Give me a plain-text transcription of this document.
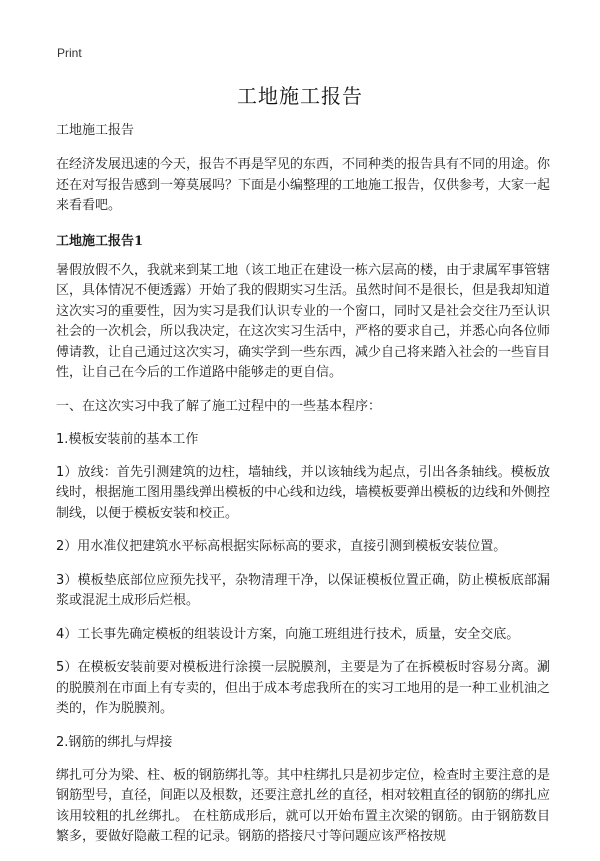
Print
工地施工报告

工地施工报告

在经济发展迅速的今天，报告不再是罕见的东西，不同种类的报告具有不同的用途。你还在对写报告感到一筹莫展吗？下面是小编整理的工地施工报告，仅供参考，大家一起来看看吧。

工地施工报告1

暑假放假不久，我就来到某工地（该工地正在建设一栋六层高的楼，由于隶属军事管辖区，具体情况不便透露）开始了我的假期实习生活。虽然时间不是很长，但是我却知道这次实习的重要性，因为实习是我们认识专业的一个窗口，同时又是社会交往乃至认识社会的一次机会，所以我决定，在这次实习生活中，严格的要求自己，并悉心向各位师傅请教，让自己通过这次实习，确实学到一些东西，减少自己将来踏入社会的一些盲目性，让自己在今后的工作道路中能够走的更自信。

一、在这次实习中我了解了施工过程中的一些基本程序：

1.模板安装前的基本工作

1）放线：首先引测建筑的边柱，墙轴线，并以该轴线为起点，引出各条轴线。模板放线时，根据施工图用墨线弹出模板的中心线和边线，墙模板要弹出模板的边线和外侧控制线，以便于模板安装和校正。

2）用水准仪把建筑水平标高根据实际标高的要求，直接引测到模板安装位置。

3）模板垫底部位应预先找平，杂物清理干净，以保证模板位置正确，防止模板底部漏浆或混泥土成形后烂根。

4）工长事先确定模板的组装设计方案，向施工班组进行技术，质量，安全交底。

5）在模板安装前要对模板进行涂摸一层脱膜剂，主要是为了在拆模板时容易分离。涮的脱膜剂在市面上有专卖的，但出于成本考虑我所在的实习工地用的是一种工业机油之类的，作为脱膜剂。

2.钢筋的绑扎与焊接

绑扎可分为梁、柱、板的钢筋绑扎等。其中柱绑扎只是初步定位，检查时主要注意的是钢筋型号，直径，间距以及根数，还要注意扎丝的直径，相对较粗直径的钢筋的绑扎应该用较粗的扎丝绑扎。 在柱筋成形后，就可以开始布置主次梁的钢筋。由于钢筋数目繁多，要做好隐蔽工程的记录。钢筋的搭接尺寸等问题应该严格按规
